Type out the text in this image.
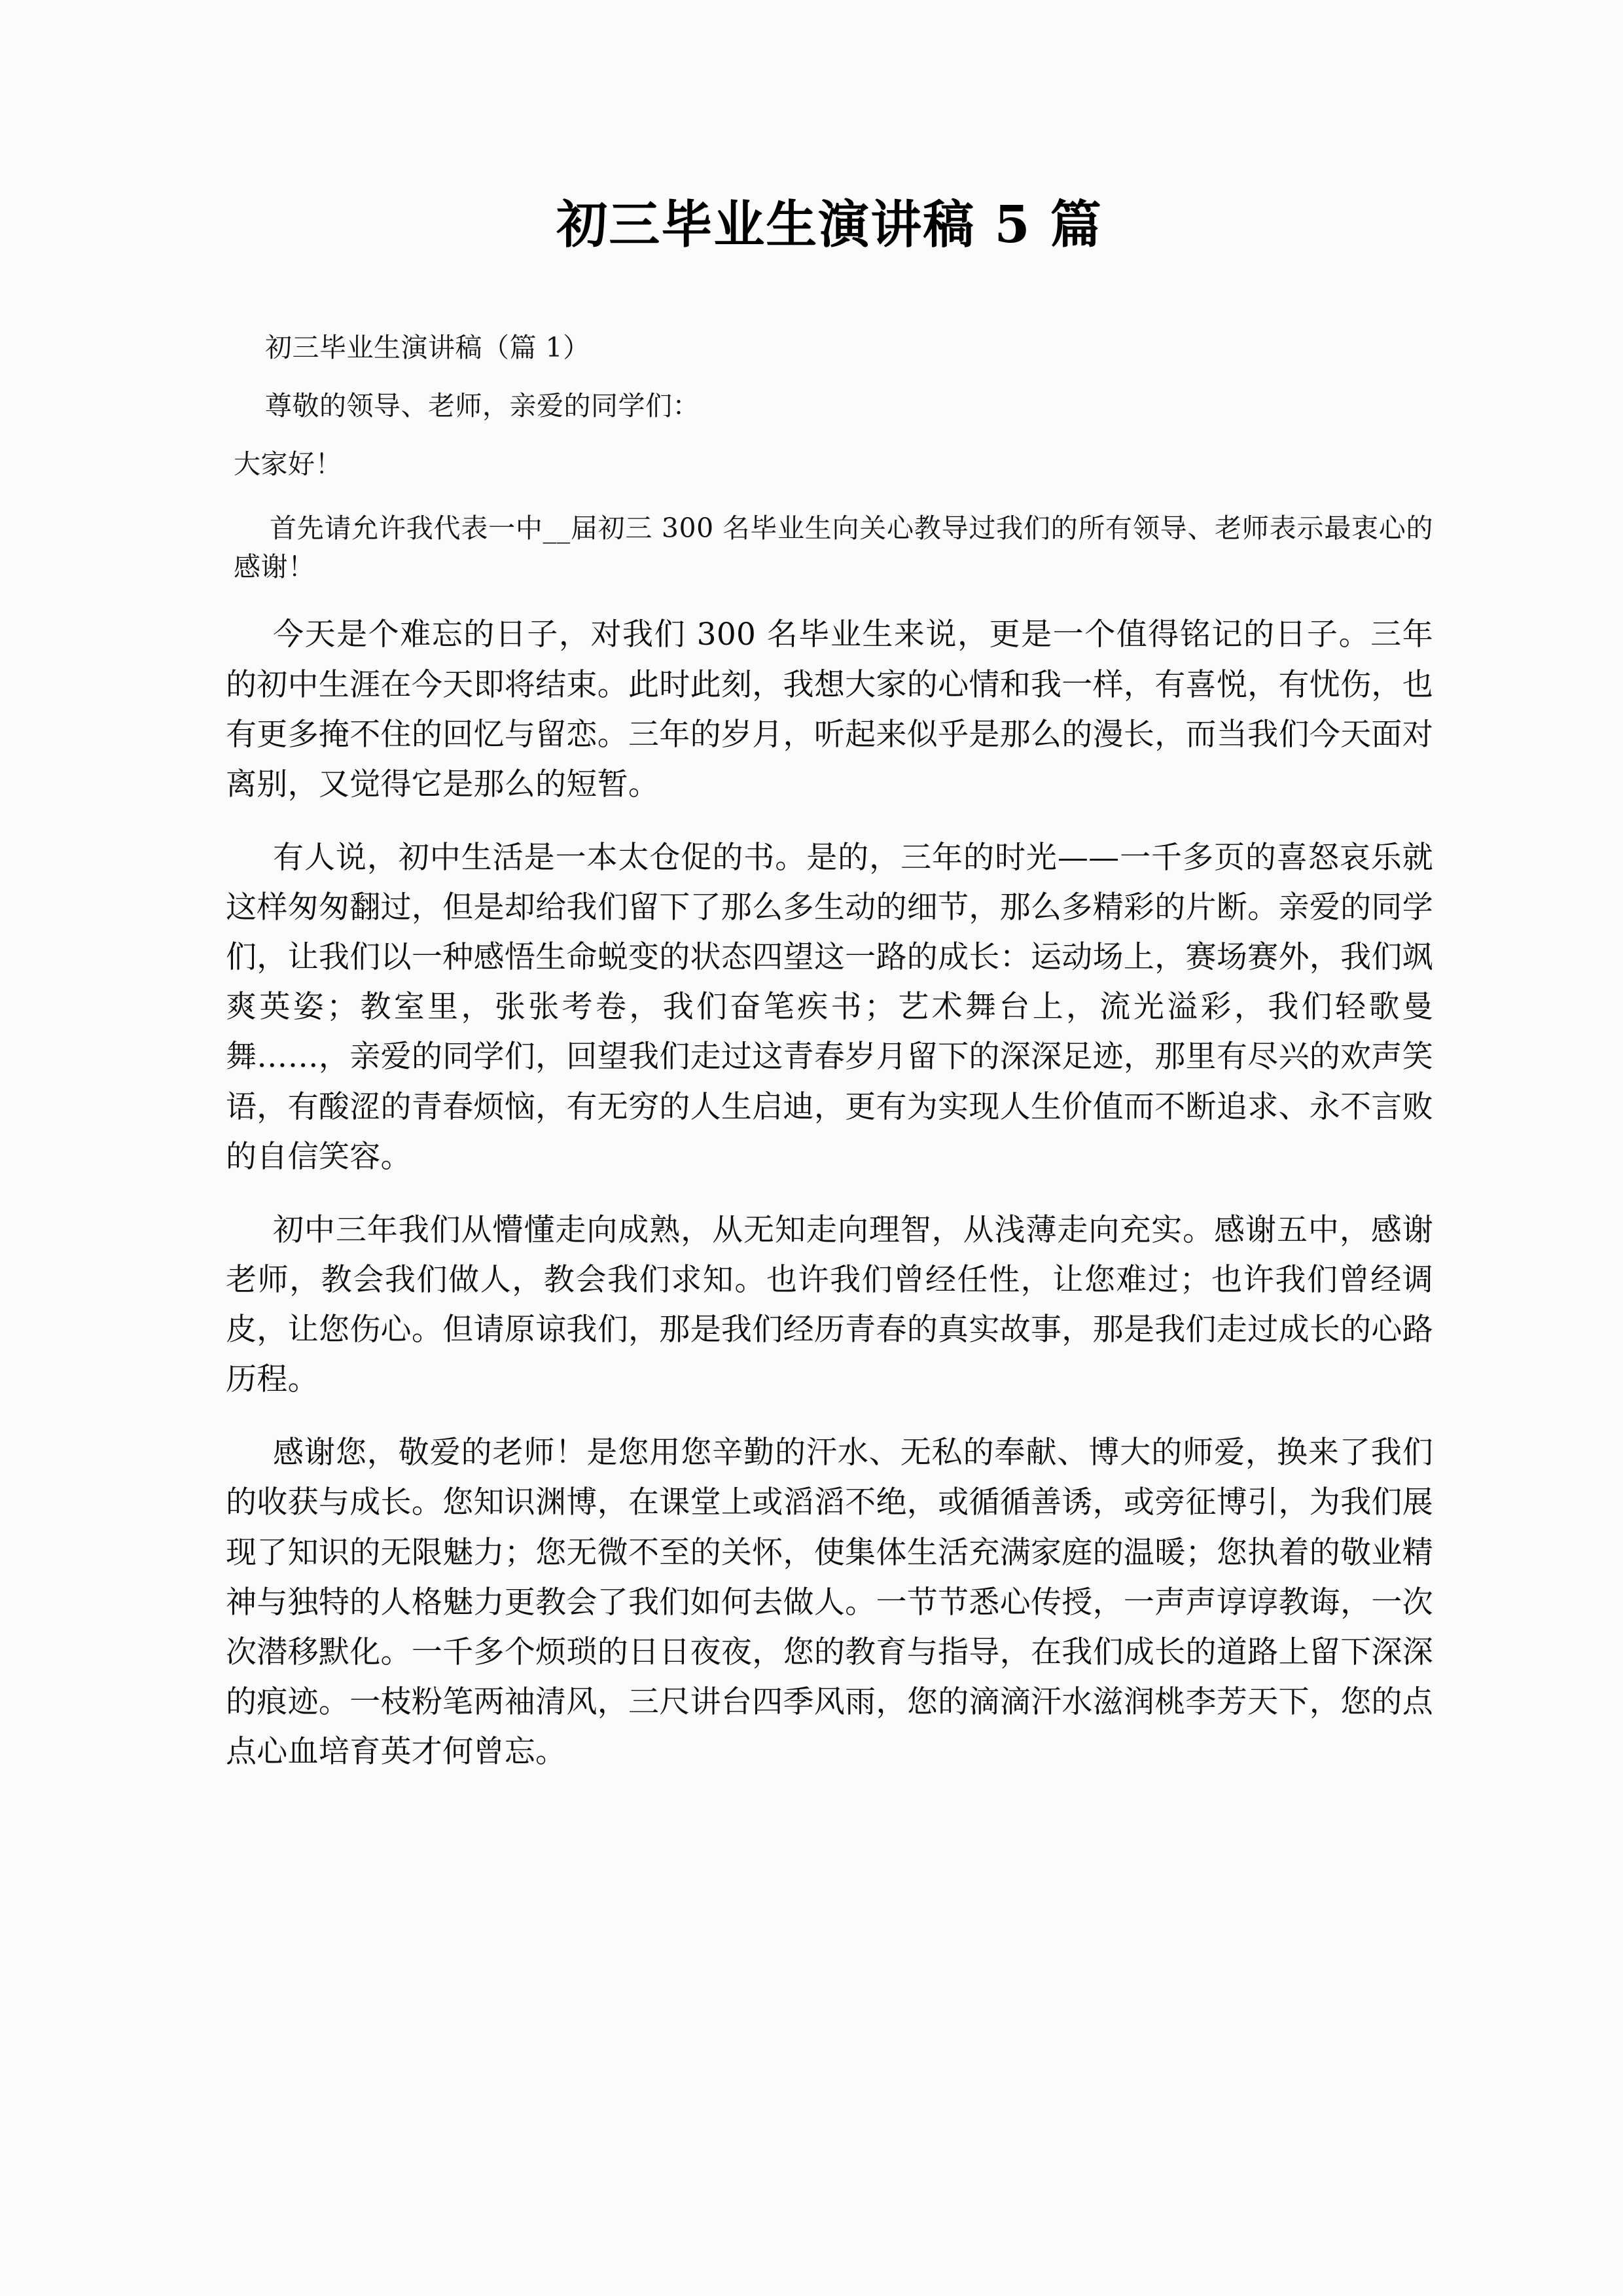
初三毕业生演讲稿 5 篇

初三毕业生演讲稿（篇 1）

尊敬的领导、老师，亲爱的同学们：

大家好！

首先请允许我代表一中__届初三 300 名毕业生向关心教导过我们的所有领导、老师表示最衷心的感谢！

今天是个难忘的日子，对我们 300 名毕业生来说，更是一个值得铭记的日子。三年的初中生涯在今天即将结束。此时此刻，我想大家的心情和我一样，有喜悦，有忧伤，也有更多掩不住的回忆与留恋。三年的岁月，听起来似乎是那么的漫长，而当我们今天面对离别，又觉得它是那么的短暂。

有人说，初中生活是一本太仓促的书。是的，三年的时光——一千多页的喜怒哀乐就这样匆匆翻过，但是却给我们留下了那么多生动的细节，那么多精彩的片断。亲爱的同学们，让我们以一种感悟生命蜕变的状态四望这一路的成长：运动场上，赛场赛外，我们飒爽英姿；教室里，张张考卷，我们奋笔疾书；艺术舞台上，流光溢彩，我们轻歌曼舞……，亲爱的同学们，回望我们走过这青春岁月留下的深深足迹，那里有尽兴的欢声笑语，有酸涩的青春烦恼，有无穷的人生启迪，更有为实现人生价值而不断追求、永不言败的自信笑容。

初中三年我们从懵懂走向成熟，从无知走向理智，从浅薄走向充实。感谢五中，感谢老师，教会我们做人，教会我们求知。也许我们曾经任性，让您难过；也许我们曾经调皮，让您伤心。但请原谅我们，那是我们经历青春的真实故事，那是我们走过成长的心路历程。

感谢您，敬爱的老师！是您用您辛勤的汗水、无私的奉献、博大的师爱，换来了我们的收获与成长。您知识渊博，在课堂上或滔滔不绝，或循循善诱，或旁征博引，为我们展现了知识的无限魅力；您无微不至的关怀，使集体生活充满家庭的温暖；您执着的敬业精神与独特的人格魅力更教会了我们如何去做人。一节节悉心传授，一声声谆谆教诲，一次次潜移默化。一千多个烦琐的日日夜夜，您的教育与指导，在我们成长的道路上留下深深的痕迹。一枝粉笔两袖清风，三尺讲台四季风雨，您的滴滴汗水滋润桃李芳天下，您的点点心血培育英才何曾忘。
